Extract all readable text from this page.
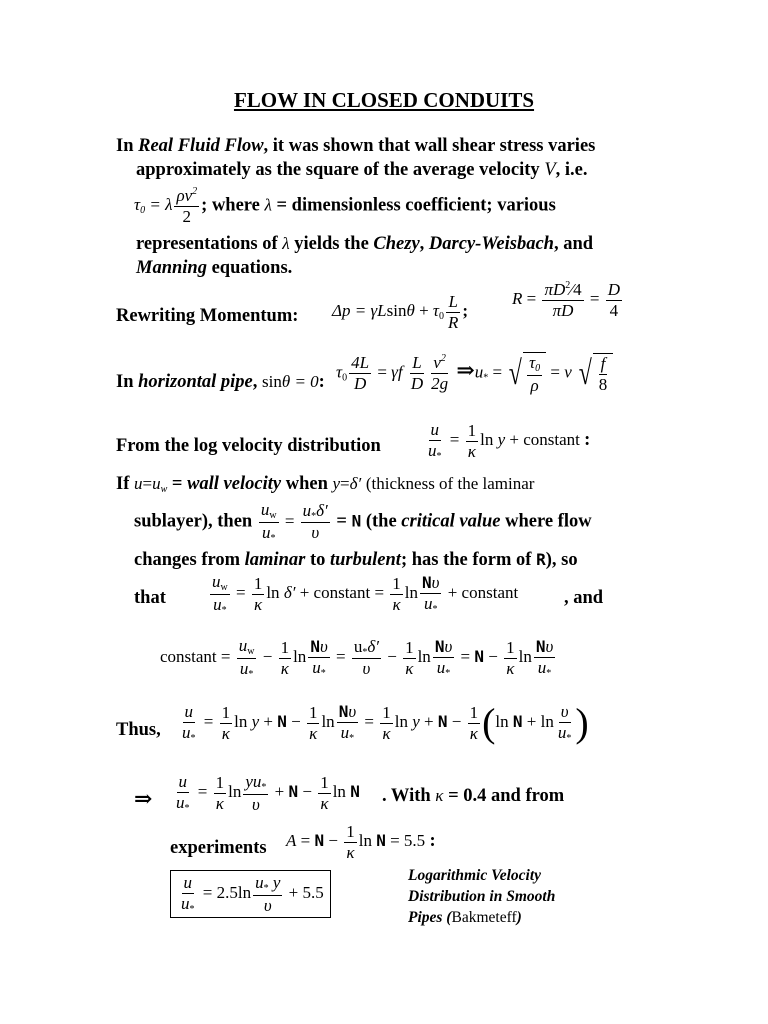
FLOW IN CLOSED CONDUITS
In Real Fluid Flow, it was shown that wall shear stress varies
approximately as the square of the average velocity V, i.e.
$\tau_0 = \lambda \frac{\rho v^2}{2}$ ; where λ = dimensionless coefficient; various
representations of λ yields the Chezy, Darcy-Weisbach, and
Manning equations.
Rewriting Momentum: $\Delta p = \gamma Lsin\theta + \tau_0 \frac{L}{R}$ ;
$R = \frac{\pi D^2⁄4}{\pi D} = \frac{D}{4}$
In horizontal pipe, sinθ = 0:
$\tau_0 \frac{4L}{D} = \gamma f \frac{L}{D} \frac{v^2}{2g}$ $\Rightarrow u_*$ = √ $\frac{\tau_0}{\rho} = v$ √ $\frac{f}{8}$
From the log velocity distribution	$\frac{u}{u_*} = \frac{1}{\kappa}$ ln y + constant :
If $u=u_w$ = wall velocity when y=δ′ (thickness of the laminar
sublayer), then $\frac{u_w}{u_*} = \frac{u_*\delta'}{\upsilon} = N$ (the critical value where flow
changes from laminar to turbulent; has the form of R), so
that	$\frac{u_w}{u_*} = \frac{1}{\kappa}$ ln δ′ + constant = $\frac{1}{\kappa}$ $\ln \frac{N\upsilon}{u_*}$ + constant , and
constant = $\frac{u_w}{u_*} - \frac{1}{\kappa}$ $\ln \frac{N\upsilon}{u_*} = \frac{u_*\delta'}{\upsilon} - \frac{1}{\kappa}$ $\ln \frac{N\upsilon}{u_*} = N - \frac{1}{\kappa}$ $\ln \frac{N\upsilon}{u_*}$
Thus, $\frac{u}{u_*} = \frac{1}{\kappa}$ $\ln y + N - \frac{1}{\kappa}$ $\ln \frac{N\upsilon}{u_*} = \frac{1}{\kappa}$ $\ln y + N - \frac{1}{\kappa} (\ln$ $N + \ln \frac{\upsilon}{u_*}$ )
⇒ $\frac{u}{u_*} = \frac{1}{\kappa}$ $\ln \frac{yu_*}{\upsilon} + N - \frac{1}{\kappa}$ ln N . With κ = 0.4 and from
experiments $A = N - \frac{1}{\kappa}$ ln N = 5.5 :
$\frac{u}{u_*} = 2.5\ln \frac{u_* y}{\upsilon} + 5.5$
Logarithmic Velocity
Distribution in Smooth
Pipes (Bakmeteff)
